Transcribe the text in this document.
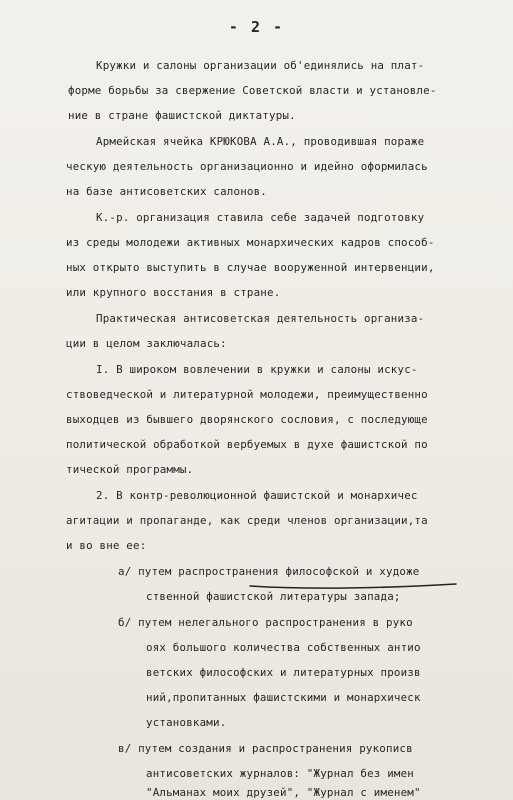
- 2 -
Кружки и салоны организации об'единялись на плат-
форме борьбы за свержение Советской власти и установле-
ние в стране фашистской диктатуры.
Армейская ячейка КРЮКОВА А.А., проводившая пораже
ческую деятельность организационно и идейно оформилась
на базе антисоветских салонов.
К.-р. организация ставила себе задачей подготовку
из среды молодежи активных монархических кадров способ-
ных открыто выступить в случае вооруженной интервенции,
или крупного восстания в стране.
Практическая антисоветская деятельность организа-
ции в целом заключалась:
I. В широком вовлечении в кружки и салоны искус-
ствоведческой и литературной молодежи, преимущественно
выходцев из бывшего дворянского сословия, с последующе
политической обработкой вербуемых в духе фашистской по
тической программы.
2. В контр-революционной фашистской и монархичес
агитации и пропаганде, как среди членов организации,та
и во вне ее:
а/ путем распространения философской и художе
ственной фашистской литературы запада;
б/ путем нелегального распространения в руко
оях большого количества собственных антио
ветских философских и литературных произв
ний,пропитанных фашистскими и монархическ
установками.
в/ путем создания и распространения рукописв
антисоветских журналов: "Журнал без имен
"Альманах моих друзей", "Журнал с именем"
